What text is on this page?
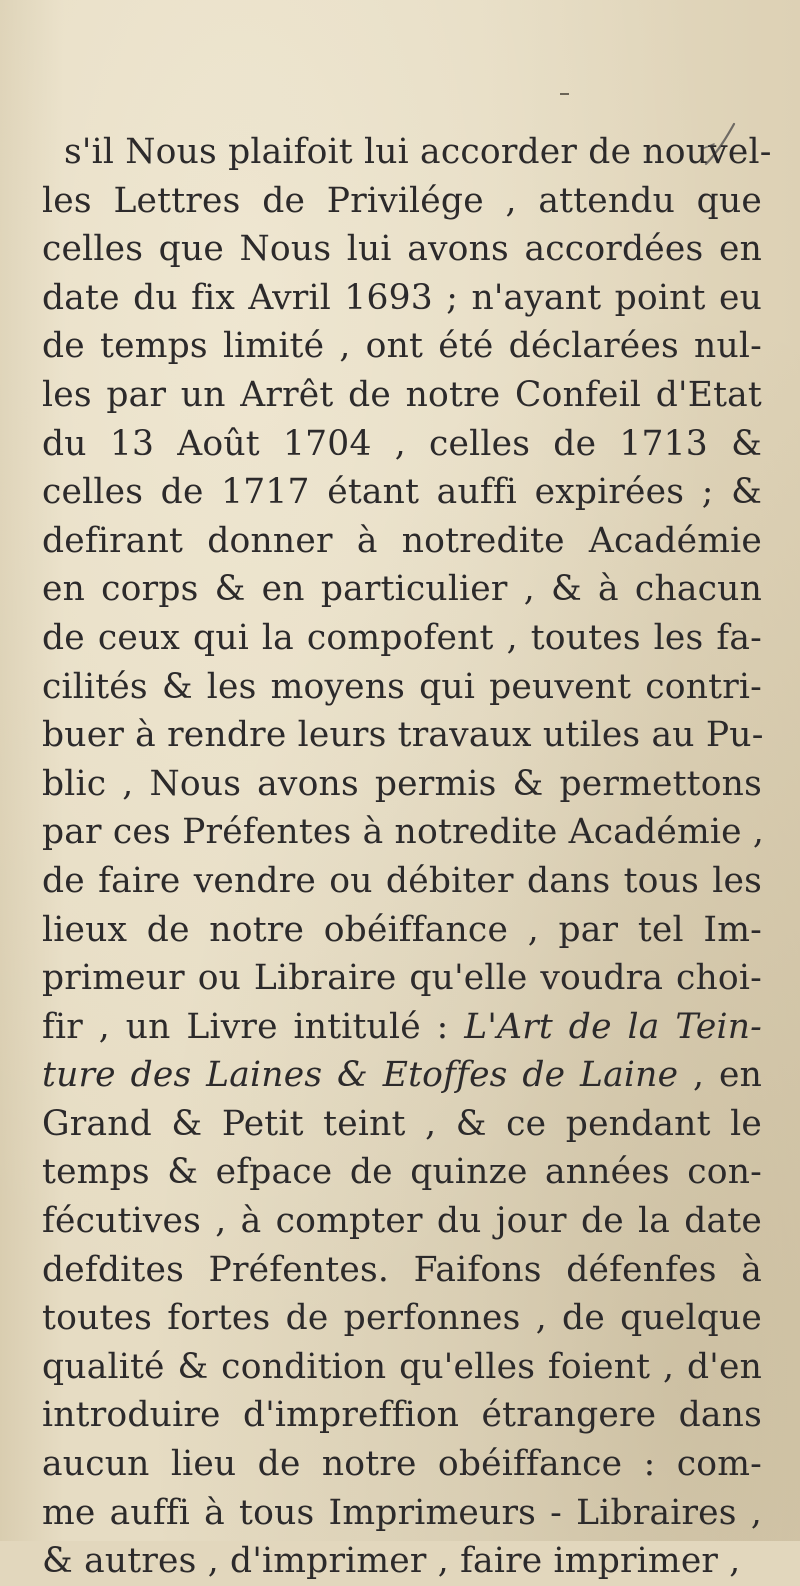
s'il Nous plaifoit lui accorder de nouvel-
les Lettres de Privilége , attendu que
celles que Nous lui avons accordées en
date du fix Avril 1693 ; n'ayant point eu
de temps limité , ont été déclarées nul-
les par un Arrêt de notre Confeil d'Etat
du 13 Août 1704 , celles de 1713 &
celles de 1717 étant auffi expirées ; &
defirant donner à notredite Académie
en corps & en particulier , & à chacun
de ceux qui la compofent , toutes les fa-
cilités & les moyens qui peuvent contri-
buer à rendre leurs travaux utiles au Pu-
blic , Nous avons permis & permettons
par ces Préfentes à notredite Académie ,
de faire vendre ou débiter dans tous les
lieux de notre obéiffance , par tel Im-
primeur ou Libraire qu'elle voudra choi-
fir , un Livre intitulé : L'Art de la Tein-
ture des Laines & Etoffes de Laine , en
Grand & Petit teint , & ce pendant le
temps & efpace de quinze années con-
fécutives , à compter du jour de la date
defdites Préfentes. Faifons défenfes à
toutes fortes de perfonnes , de quelque
qualité & condition qu'elles foient , d'en
introduire d'impreffion étrangere dans
aucun lieu de notre obéiffance : com-
me auffi à tous Imprimeurs - Libraires ,
& autres , d'imprimer , faire imprimer ,
